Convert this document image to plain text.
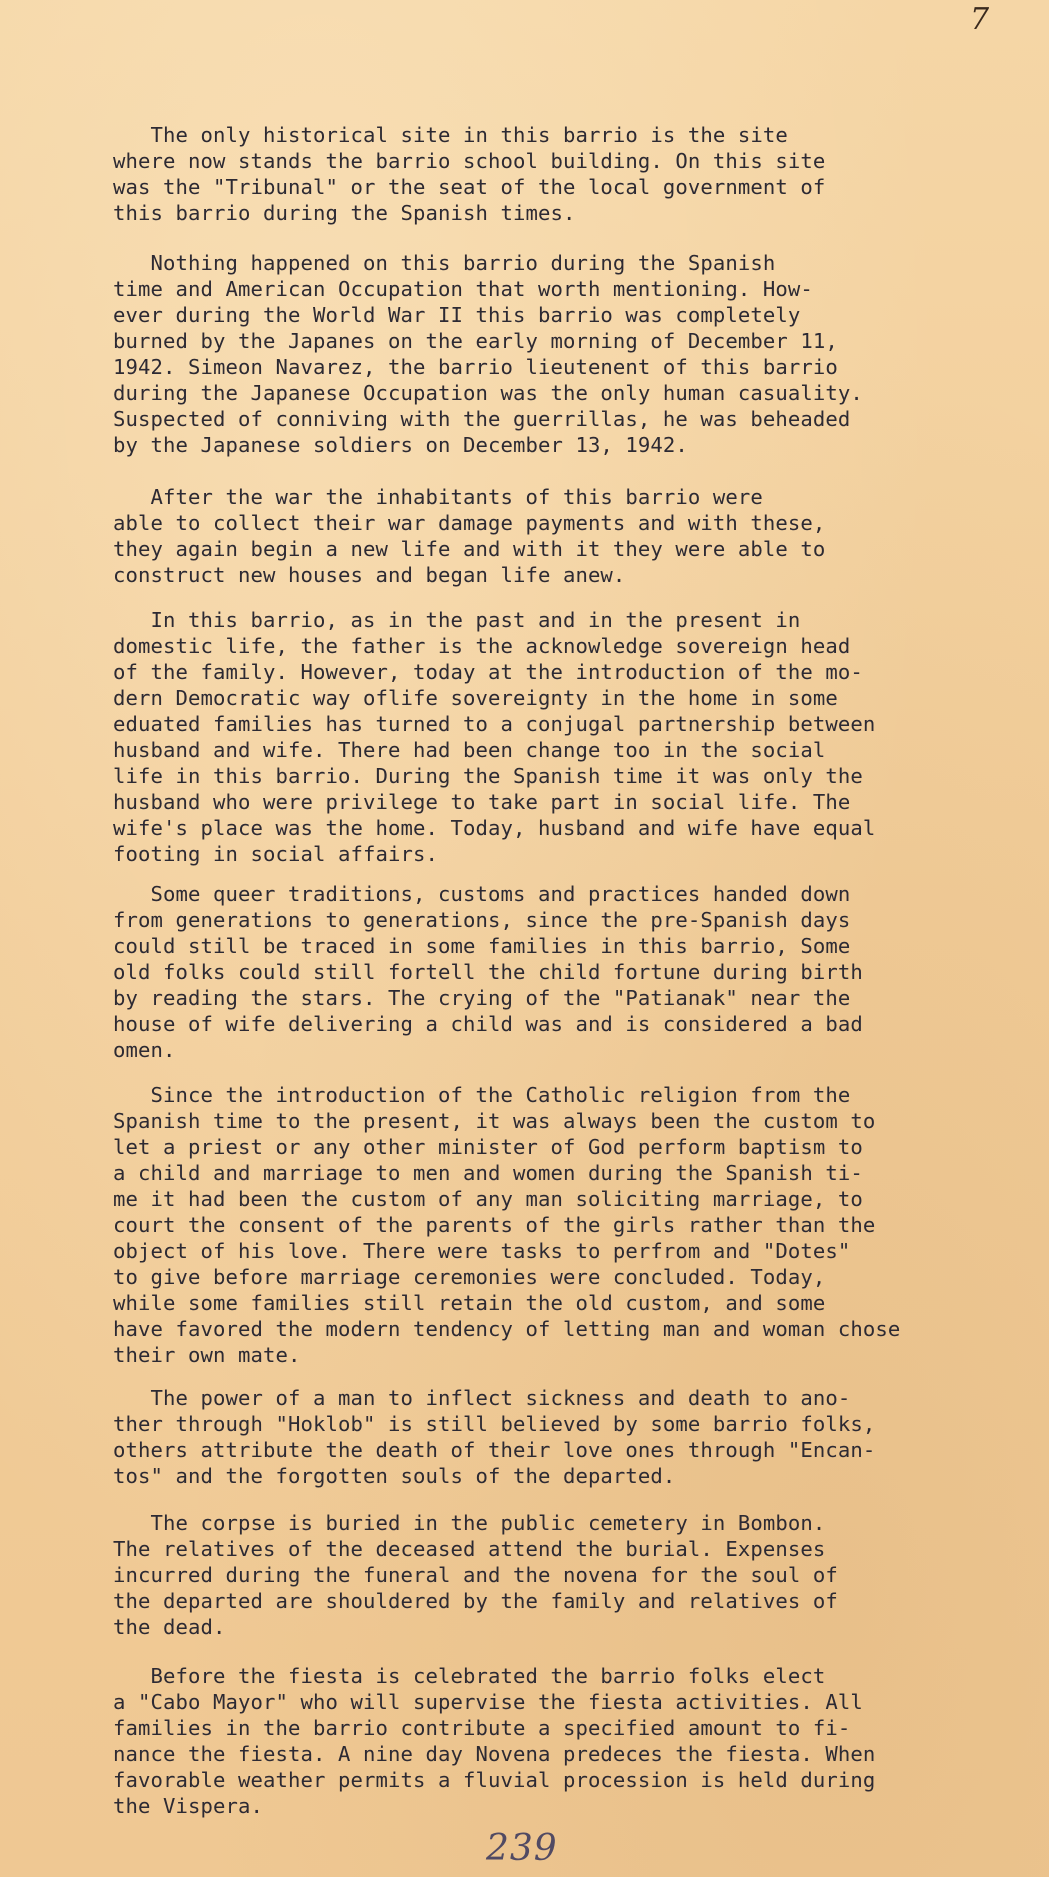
7
The only historical site in this barrio is the site
where now stands the barrio school building. On this site
was the "Tribunal" or the seat of the local government of
this barrio during the Spanish times.
Nothing happened on this barrio during the Spanish
time and American Occupation that worth mentioning. How-
ever during the World War II this barrio was completely
burned by the Japanes on the early morning of December 11,
1942. Simeon Navarez, the barrio lieutenent of this barrio
during the Japanese Occupation was the only human casuality.
Suspected of conniving with the guerrillas, he was beheaded
by the Japanese soldiers on December 13, 1942.
After the war the inhabitants of this barrio were
able to collect their war damage payments and with these,
they again begin a new life and with it they were able to
construct new houses and began life anew.
In this barrio, as in the past and in the present in
domestic life, the father is the acknowledge sovereign head
of the family. However, today at the introduction of the mo-
dern Democratic way oflife sovereignty in the home in some
eduated families has turned to a conjugal partnership between
husband and wife. There had been change too in the social
life in this barrio. During the Spanish time it was only the
husband who were privilege to take part in social life. The
wife's place was the home. Today, husband and wife have equal
footing in social affairs.
Some queer traditions, customs and practices handed down
from generations to generations, since the pre-Spanish days
could still be traced in some families in this barrio, Some
old folks could still fortell the child fortune during birth
by reading the stars. The crying of the "Patianak" near the
house of wife delivering a child was and is considered a bad
omen.
Since the introduction of the Catholic religion from the
Spanish time to the present, it was always been the custom to
let a priest or any other minister of God perform baptism to
a child and marriage to men and women during the Spanish ti-
me it had been the custom of any man soliciting marriage, to
court the consent of the parents of the girls rather than the
object of his love. There were tasks to perfrom and "Dotes"
to give before marriage ceremonies were concluded. Today,
while some families still retain the old custom, and some
have favored the modern tendency of letting man and woman chose
their own mate.
The power of a man to inflect sickness and death to ano-
ther through "Hoklob" is still believed by some barrio folks,
others attribute the death of their love ones through "Encan-
tos" and the forgotten souls of the departed.
The corpse is buried in the public cemetery in Bombon.
The relatives of the deceased attend the burial. Expenses
incurred during the funeral and the novena for the soul of
the departed are shouldered by the family and relatives of
the dead.
Before the fiesta is celebrated the barrio folks elect
a "Cabo Mayor" who will supervise the fiesta activities. All
families in the barrio contribute a specified amount to fi-
nance the fiesta. A nine day Novena predeces the fiesta. When
favorable weather permits a fluvial procession is held during
the Vispera.
239
